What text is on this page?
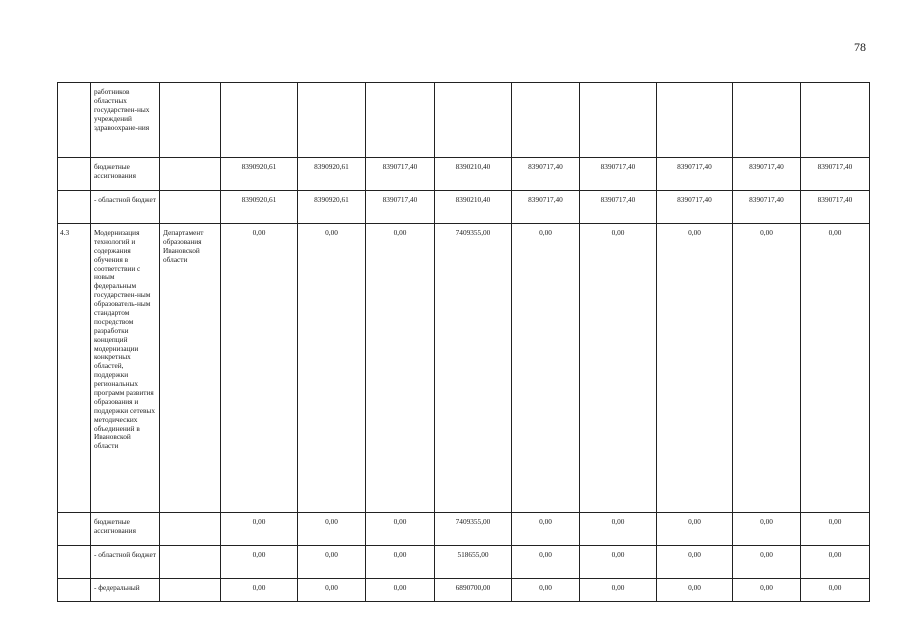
78
	работников областных государствен-ных учреждений здравоохране-ния										
	бюджетные ассигнования		8390920,61	8390920,61	8390717,40	8390210,40	8390717,40	8390717,40	8390717,40	8390717,40	8390717,40
	- областной бюджет		8390920,61	8390920,61	8390717,40	8390210,40	8390717,40	8390717,40	8390717,40	8390717,40	8390717,40
4.3	Модернизация технологий и содержания обучения в соответствии с новым федеральным государствен-ным образователь-ным стандартом посредством разработки концепций модернизации конкретных областей, поддержки региональных программ развития образования и поддержки сетевых методических объединений в Ивановской области	Департамент образования Ивановской области	0,00	0,00	0,00	7409355,00	0,00	0,00	0,00	0,00	0,00
	бюджетные ассигнования		0,00	0,00	0,00	7409355,00	0,00	0,00	0,00	0,00	0,00
	- областной бюджет		0,00	0,00	0,00	518655,00	0,00	0,00	0,00	0,00	0,00
	- федеральный		0,00	0,00	0,00	6890700,00	0,00	0,00	0,00	0,00	0,00
